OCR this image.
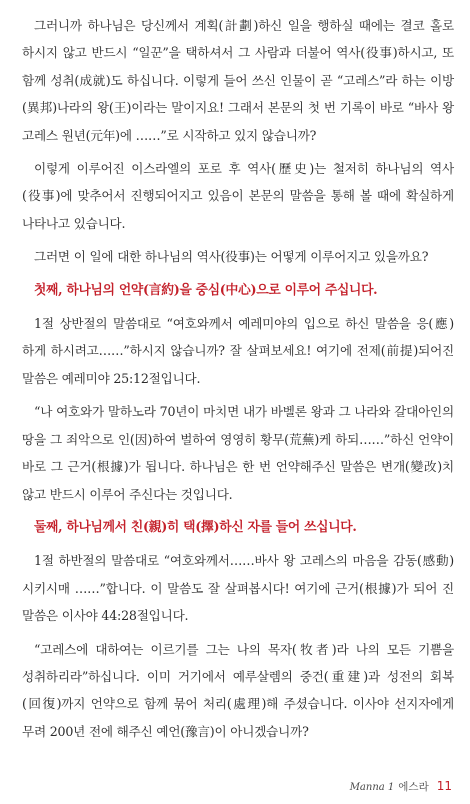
그러니까 하나님은 당신께서 계획(計劃)하신 일을 행하실 때에는 결코 홀로 하시지 않고 반드시 “일꾼”을 택하셔서 그 사람과 더불어 역사(役事)하시고, 또 함께 성취(成就)도 하십니다. 이렇게 들어 쓰신 인물이 곧 “고레스”라 하는 이방(異邦)나라의 왕(王)이라는 말이지요! 그래서 본문의 첫 번 기록이 바로 “바사 왕 고레스 원년(元年)에 ……”로 시작하고 있지 않습니까?

이렇게 이루어진 이스라엘의 포로 후 역사(歷史)는 철저히 하나님의 역사(役事)에 맞추어서 진행되어지고 있음이 본문의 말씀을 통해 볼 때에 확실하게 나타나고 있습니다.

그러면 이 일에 대한 하나님의 역사(役事)는 어떻게 이루어지고 있을까요?

첫째, 하나님의 언약(言約)을 중심(中心)으로 이루어 주십니다.

1절 상반절의 말씀대로 “여호와께서 예레미야의 입으로 하신 말씀을 응(應)하게 하시려고……”하시지 않습니까? 잘 살펴보세요! 여기에 전제(前提)되어진 말씀은 예레미야 25:12절입니다.

“나 여호와가 말하노라 70년이 마치면 내가 바벨론 왕과 그 나라와 갈대아인의 땅을 그 죄악으로 인(因)하여 벌하여 영영히 황무(荒蕪)케 하되……”하신 언약이 바로 그 근거(根據)가 됩니다. 하나님은 한 번 언약해주신 말씀은 변개(變改)치 않고 반드시 이루어 주신다는 것입니다.

둘째, 하나님께서 친(親)히 택(擇)하신 자를 들어 쓰십니다.

1절 하반절의 말씀대로 “여호와께서……바사 왕 고레스의 마음을 감동(感動)시키시매 ……”합니다. 이 말씀도 잘 살펴봅시다! 여기에 근거(根據)가 되어 진 말씀은 이사야 44:28절입니다.

“고레스에 대하여는 이르기를 그는 나의 목자(牧者)라 나의 모든 기쁨을 성취하리라”하십니다. 이미 거기에서 예루살렘의 중건(重建)과 성전의 회복(回復)까지 언약으로 함께 묶어 처리(處理)해 주셨습니다. 이사야 선지자에게 무려 200년 전에 해주신 예언(豫言)이 아니겠습니까?

Manna 1 에스라 11
